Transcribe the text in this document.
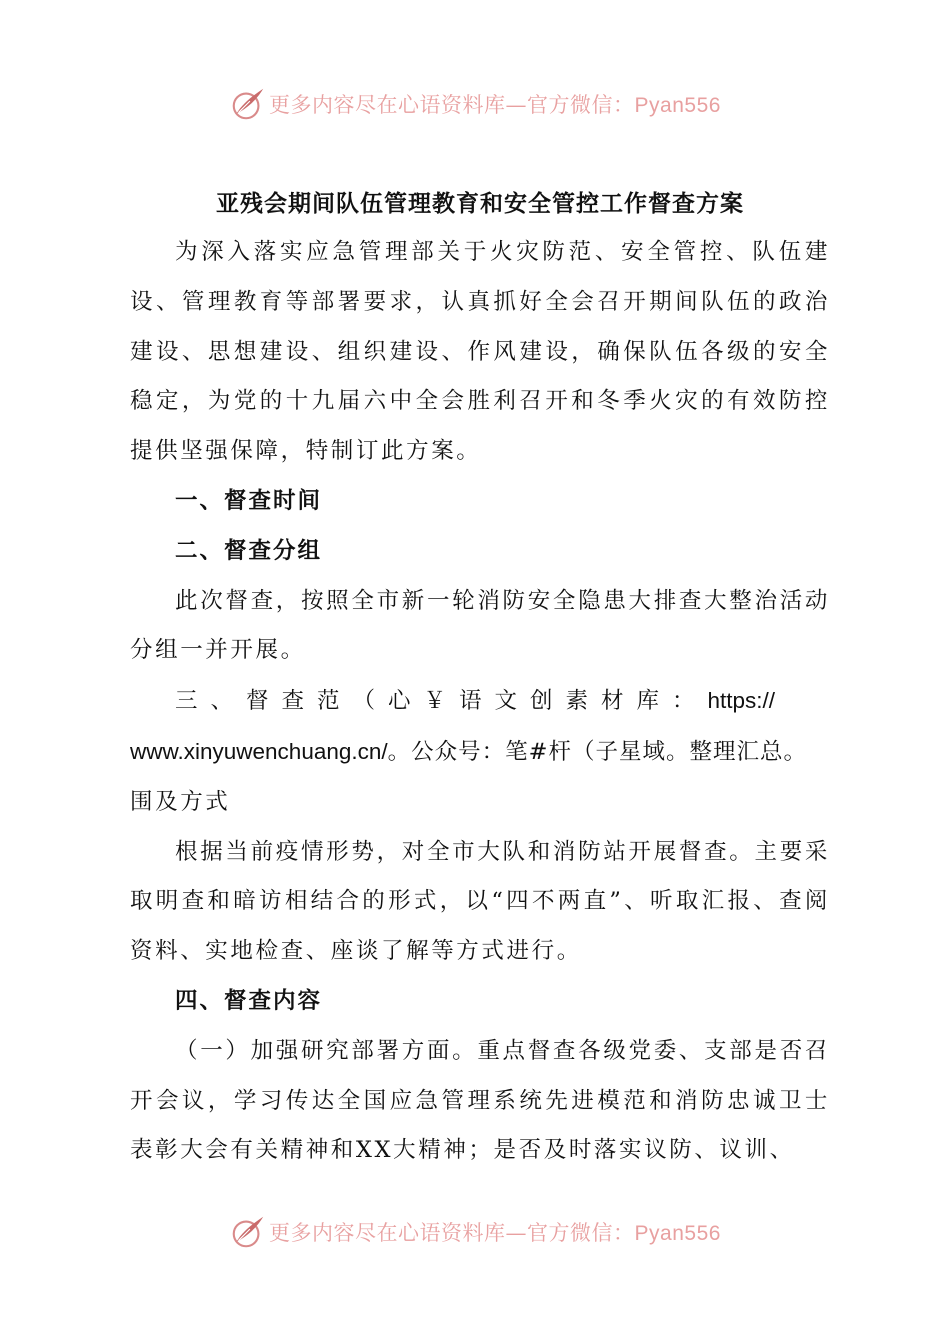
更多内容尽在心语资料库—官方微信：Pyan556
亚残会期间队伍管理教育和安全管控工作督查方案

为深入落实应急管理部关于火灾防范、安全管控、队伍建设、管理教育等部署要求，认真抓好全会召开期间队伍的政治建设、思想建设、组织建设、作风建设，确保队伍各级的安全稳定，为党的十九届六中全会胜利召开和冬季火灾的有效防控提供坚强保障，特制订此方案。

一、督查时间

二、督查分组

此次督查，按照全市新一轮消防安全隐患大排查大整治活动分组一并开展。

三、督查范（心￥语文创素材库：https://

www.xinyuwenchuang.cn/。公众号：笔#杆（子星域。整理汇总。

围及方式

根据当前疫情形势，对全市大队和消防站开展督查。主要采取明查和暗访相结合的形式，以“四不两直”、听取汇报、查阅资料、实地检查、座谈了解等方式进行。

四、督查内容

（一）加强研究部署方面。重点督查各级党委、支部是否召开会议，学习传达全国应急管理系统先进模范和消防忠诚卫士表彰大会有关精神和XX大精神；是否及时落实议防、议训、

更多内容尽在心语资料库—官方微信：Pyan556
